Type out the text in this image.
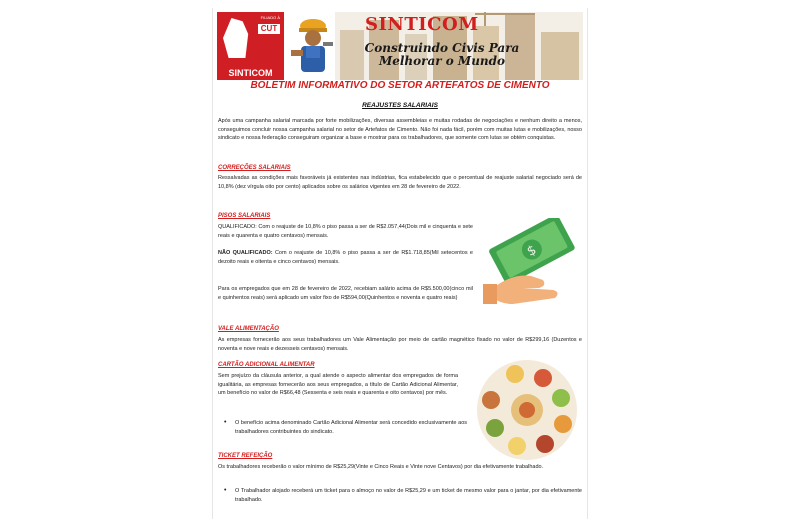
FILIADO À
CUT
SINTICOM
SINTICOM
Construindo Civis Para Melhorar o Mundo
BOLETIM INFORMATIVO DO SETOR ARTEFATOS DE CIMENTO
REAJUSTES SALARIAIS

Após uma campanha salarial marcada por forte mobilizações, diversas assembleias e muitas rodadas de negociações e nenhum direito a menos, conseguimos concluir nossa campanha salarial no setor de Artefatos de Cimento. Não foi nada fácil, porém com muitas lutas e mobilizações, nosso sindicato e nossa federação conseguiram organizar a base e mostrar para os trabalhadores, que somente com lutas se obtém conquistas.

CORREÇÕES SALARIAIS

Ressalvadas as condições mais favoráveis já existentes nas indústrias, fica estabelecido que o percentual de reajuste salarial negociado será de 10,8% (dez vírgula oito por cento) aplicados sobre os salários vigentes em 28 de fevereiro de 2022.

PISOS SALARIAIS

QUALIFICADO: Com o reajuste de 10,8% o piso passa a ser de R$2.057,44(Dois mil e cinquenta e sete reais e quarenta e quatro centavos) mensais.

NÃO QUALIFICADO: Com o reajuste de 10,8% o piso passa a ser de R$1.718,85(Mil setecentos e dezoito reais e oitenta e cinco centavos) mensais.

Para os empregados que em 28 de fevereiro de 2022, recebiam salário acima de R$5.500,00(cinco mil e quinhentos reais) será aplicado um valor fixo de R$594,00(Quinhentos e noventa e quatro reais)

$
VALE ALIMENTAÇÃO

As empresas fornecerão aos seus trabalhadores um Vale Alimentação por meio de cartão magnético fixado no valor de R$299,16 (Duzentos e noventa e nove reais e dezesseis centavos) mensais.

CARTÃO ADICIONAL ALIMENTAR

Sem prejuízo da cláusula anterior, a qual atende o aspecto alimentar dos empregados de forma igualitária, as empresas fornecerão aos seus empregados, a título de Cartão Adicional Alimentar, um benefício no valor de R$66,48 (Sessenta e seis reais e quarenta e oito centavos) por mês.

• O benefício acima denominado Cartão Adicional Alimentar será concedido exclusivamente aos trabalhadores contribuintes do sindicato.

TICKET REFEIÇÃO

Os trabalhadores receberão o valor mínimo de R$25,29(Vinte e Cinco Reais e Vinte nove Centavos) por dia efetivamente trabalhado.

• O Trabalhador alojado receberá um ticket para o almoço no valor de R$25,29 e um ticket de mesmo valor para o jantar, por dia efetivamente trabalhado.
